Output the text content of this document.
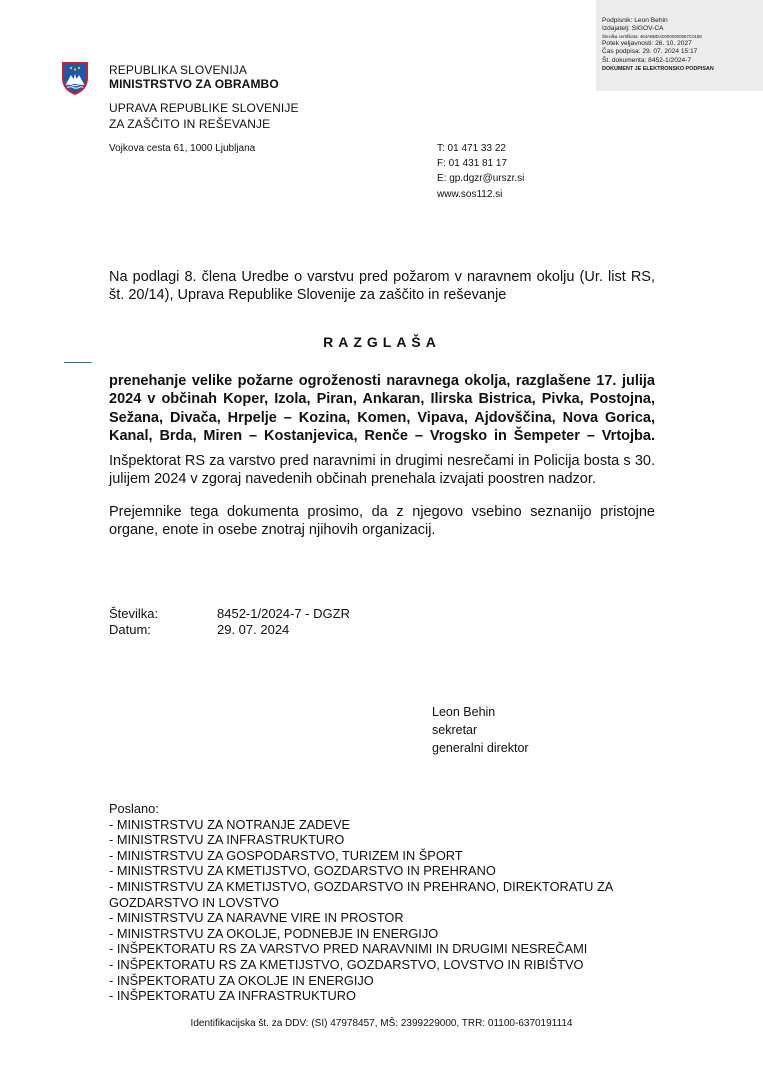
Podpisnik: Leon Behin
Izdajatelj: SIGOV-CA
Številka certifikata: 464ABBDA00000000067C0180
Potek veljavnosti: 26. 10. 2027
Čas podpisa: 29. 07. 2024 15:17
Št. dokumenta: 8452-1/2024-7
DOKUMENT JE ELEKTRONSKO PODPISAN
REPUBLIKA SLOVENIJA
MINISTRSTVO ZA OBRAMBO
UPRAVA REPUBLIKE SLOVENIJE
ZA ZAŠČITO IN REŠEVANJE
Vojkova cesta 61, 1000 Ljubljana	T: 01 471 33 22
F: 01 431 81 17
E: gp.dgzr@urszr.si
www.sos112.si
Na podlagi 8. člena Uredbe o varstvu pred požarom v naravnem okolju (Ur. list RS, št. 20/14), Uprava Republike Slovenije za zaščito in reševanje
RAZGLAŠA
prenehanje velike požarne ogroženosti naravnega okolja, razglašene 17. julija 2024 v občinah Koper, Izola, Piran, Ankaran, Ilirska Bistrica, Pivka, Postojna, Sežana, Divača, Hrpelje – Kozina, Komen, Vipava, Ajdovščina, Nova Gorica, Kanal, Brda, Miren – Kostanjevica, Renče – Vrogsko in Šempeter – Vrtojba.
Inšpektorat RS za varstvo pred naravnimi in drugimi nesrečami in Policija bosta s 30. julijem 2024 v zgoraj navedenih občinah prenehala izvajati poostren nadzor.
Prejemnike tega dokumenta prosimo, da z njegovo vsebino seznanijo pristojne organe, enote in osebe znotraj njihovih organizacij.
Številka:	8452-1/2024-7 - DGZR
Datum:	29. 07. 2024
Leon Behin
sekretar
generalni direktor
Poslano:
- MINISTRSTVU ZA NOTRANJE ZADEVE
- MINISTRSTVU ZA INFRASTRUKTURO
- MINISTRSTVU ZA GOSPODARSTVO, TURIZEM IN ŠPORT
- MINISTRSTVU ZA KMETIJSTVO, GOZDARSTVO IN PREHRANO
- MINISTRSTVU ZA KMETIJSTVO, GOZDARSTVO IN PREHRANO, DIREKTORATU ZA GOZDARSTVO IN LOVSTVO
- MINISTRSTVU ZA NARAVNE VIRE IN PROSTOR
- MINISTRSTVU ZA OKOLJE, PODNEBJE IN ENERGIJO
- INŠPEKTORATU RS ZA VARSTVO PRED NARAVNIMI IN DRUGIMI NESREČAMI
- INŠPEKTORATU RS ZA KMETIJSTVO, GOZDARSTVO, LOVSTVO IN RIBIŠTVO
- INŠPEKTORATU ZA OKOLJE IN ENERGIJO
- INŠPEKTORATU ZA INFRASTRUKTURO
Identifikacijska št. za DDV: (SI) 47978457, MŠ: 2399229000, TRR: 01100-6370191114
